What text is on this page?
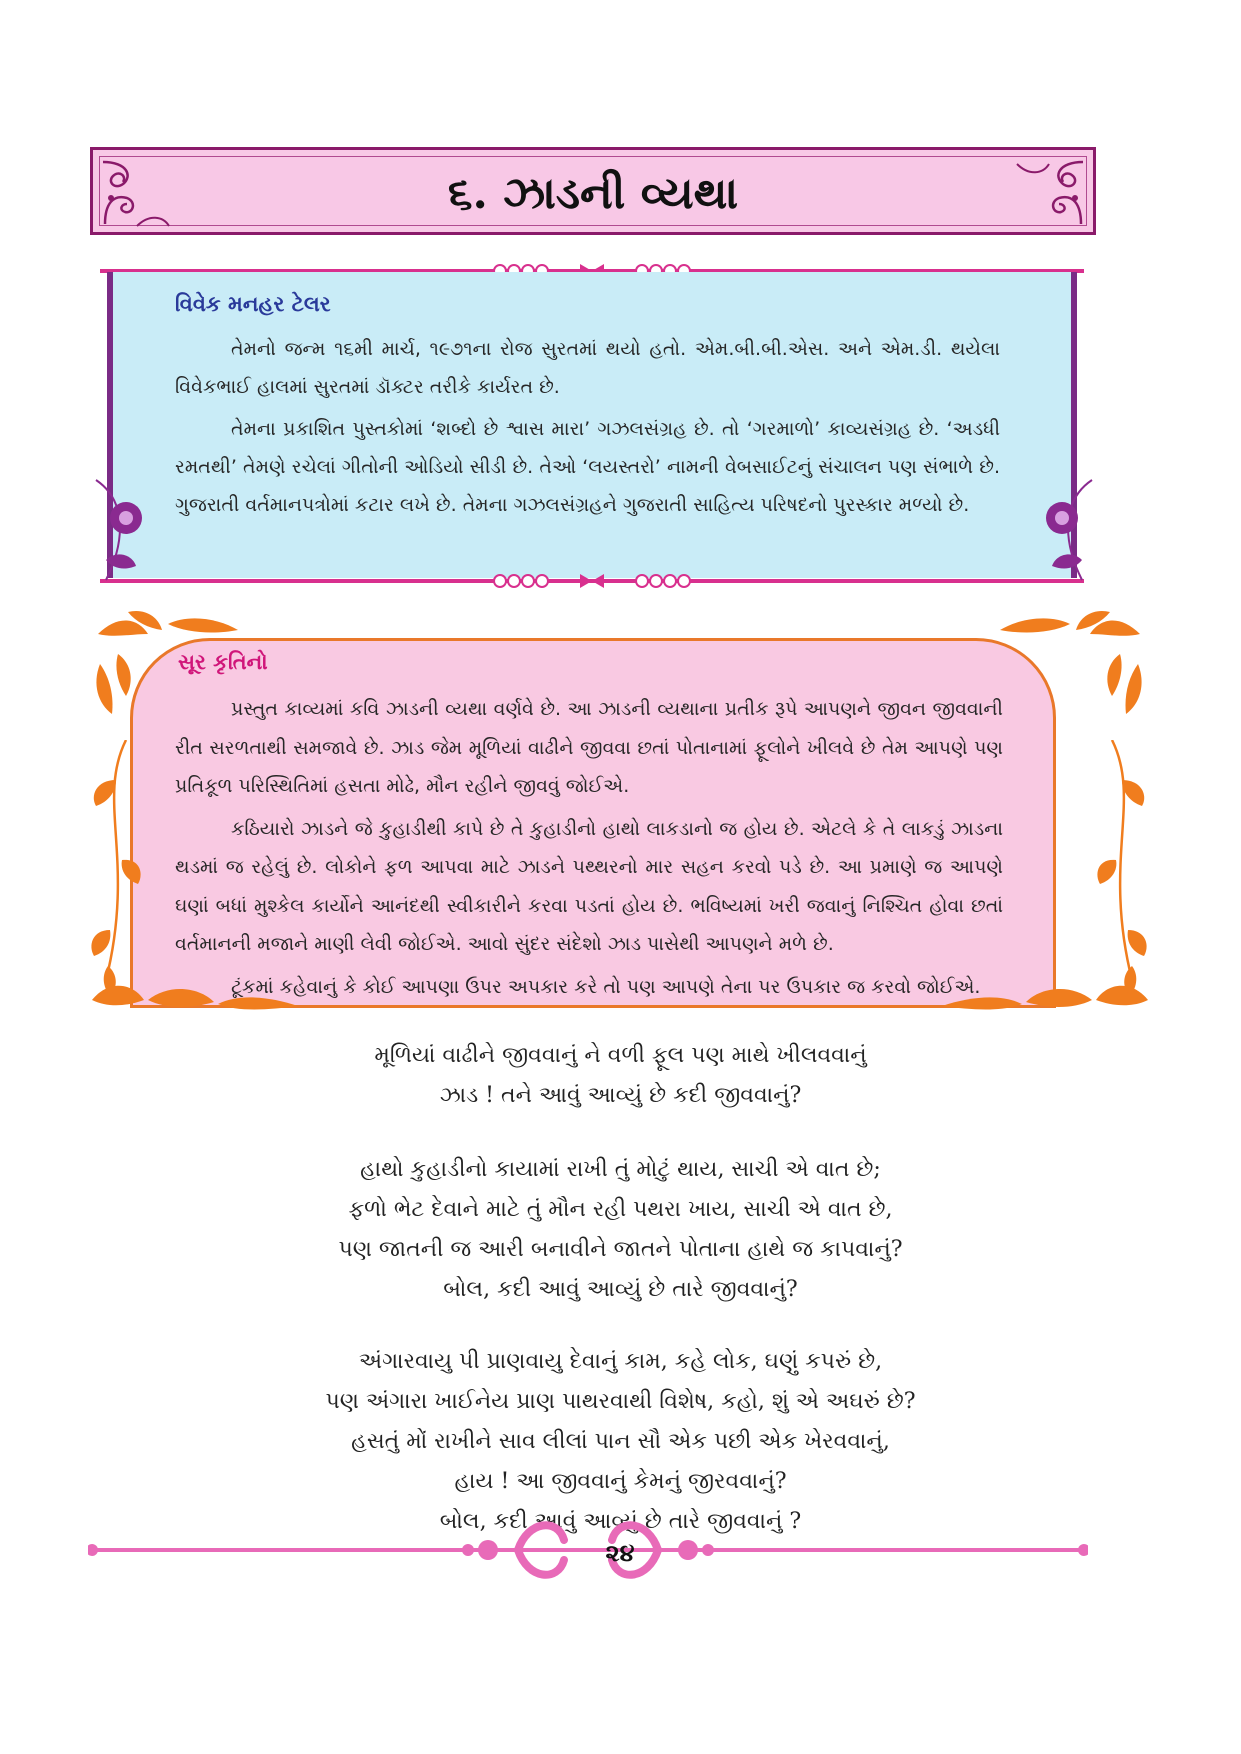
૬. ઝાડની વ્યથા
વિવેક મનહર ટેલર
તેમનો જન્મ ૧૬મી માર્ચ, ૧૯૭૧ના રોજ સુરતમાં થયો હતો. એમ.બી.બી.એસ. અને એમ.ડી. થયેલા વિવેકભાઈ હાલમાં સુરતમાં ડૉક્ટર તરીકે કાર્યરત છે.
તેમના પ્રકાશિત પુસ્તકોમાં ‘શબ્દો છે શ્વાસ મારા’ ગઝલસંગ્રહ છે. તો ‘ગરમાળો’ કાવ્યસંગ્રહ છે. ‘અડધી રમતથી’ તેમણે રચેલાં ગીતોની ઓડિયો સીડી છે. તેઓ ‘લયસ્તરો’ નામની વેબસાઈટનું સંચાલન પણ સંભાળે છે. ગુજરાતી વર્તમાનપત્રોમાં કટાર લખે છે. તેમના ગઝલસંગ્રહને ગુજરાતી સાહિત્ય પરિષદનો પુરસ્કાર મળ્યો છે.
સૂર કૃતિનો
પ્રસ્તુત કાવ્યમાં કવિ ઝાડની વ્યથા વર્ણવે છે. આ ઝાડની વ્યથાના પ્રતીક રૂપે આપણને જીવન જીવવાની રીત સરળતાથી સમજાવે છે. ઝાડ જેમ મૂળિયાં વાઢીને જીવવા છતાં પોતાનામાં ફૂલોને ખીલવે છે તેમ આપણે પણ પ્રતિકૂળ પરિસ્થિતિમાં હસતા મોઢે, મૌન રહીને જીવવું જોઈએ.
કઠિયારો ઝાડને જે કુહાડીથી કાપે છે તે કુહાડીનો હાથો લાકડાનો જ હોય છે. એટલે કે તે લાકડું ઝાડના થડમાં જ રહેલું છે. લોકોને ફળ આપવા માટે ઝાડને પથ્થરનો માર સહન કરવો પડે છે. આ પ્રમાણે જ આપણે ઘણાં બધાં મુશ્કેલ કાર્યોને આનંદથી સ્વીકારીને કરવા પડતાં હોય છે. ભવિષ્યમાં ખરી જવાનું નિશ્ચિત હોવા છતાં વર્તમાનની મજાને માણી લેવી જોઈએ. આવો સુંદર સંદેશો ઝાડ પાસેથી આપણને મળે છે.
ટૂંકમાં કહેવાનું કે કોઈ આપણા ઉપર અપકાર કરે તો પણ આપણે તેના પર ઉપકાર જ કરવો જોઈએ.
મૂળિયાં વાઢીને જીવવાનું ને વળી ફૂલ પણ માથે ખીલવવાનું
ઝાડ ! તને આવું આવ્યું છે કદી જીવવાનું?
હાથો કુહાડીનો કાયામાં રાખી તું મોટું થાય, સાચી એ વાત છે;
ફળો ભેટ દેવાને માટે તું મૌન રહી પથરા ખાય, સાચી એ વાત છે,
પણ જાતની જ આરી બનાવીને જાતને પોતાના હાથે જ કાપવાનું?
બોલ, કદી આવું આવ્યું છે તારે જીવવાનું?
અંગારવાયુ પી પ્રાણવાયુ દેવાનું કામ, કહે લોક, ઘણું કપરું છે,
પણ અંગારા ખાઈનેય પ્રાણ પાથરવાથી વિશેષ, કહો, શું એ અઘરું છે?
હસતું મોં રાખીને સાવ લીલાં પાન સૌ એક પછી એક ખેરવવાનું,
હાય ! આ જીવવાનું કેમનું જીરવવાનું?
બોલ, કદી આવું આવ્યું છે તારે જીવવાનું ?
૨૪
